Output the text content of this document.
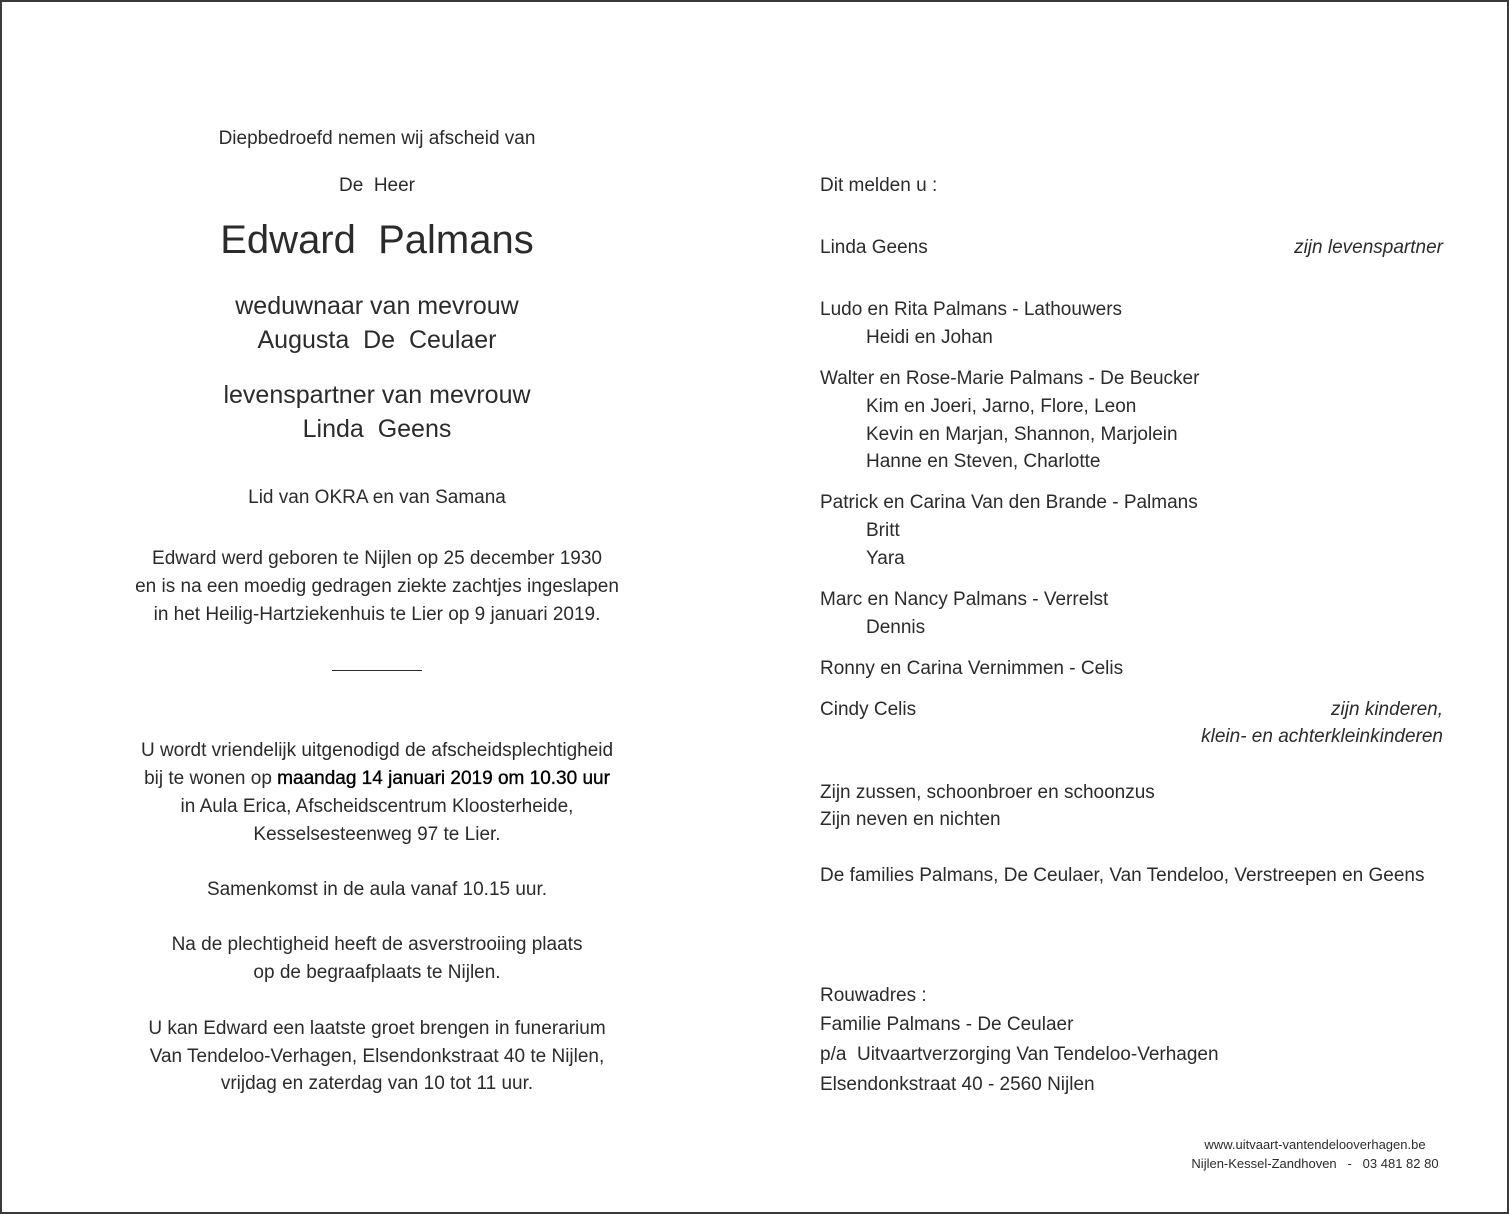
Diepbedroefd nemen wij afscheid van
De  Heer
Edward  Palmans
weduwnaar van mevrouw
Augusta  De  Ceulaer
levenspartner van mevrouw
Linda  Geens
Lid van OKRA en van Samana
Edward werd geboren te Nijlen op 25 december 1930
en is na een moedig gedragen ziekte zachtjes ingeslapen
in het Heilig-Hartziekenhuis te Lier op 9 januari 2019.
U wordt vriendelijk uitgenodigd de afscheidsplechtigheid
bij te wonen op maandag 14 januari 2019 om 10.30 uur
in Aula Erica, Afscheidscentrum Kloosterheide,
Kesselsesteenweg 97 te Lier.
Samenkomst in de aula vanaf 10.15 uur.
Na de plechtigheid heeft de asverstrooiing plaats
op de begraafplaats te Nijlen.
U kan Edward een laatste groet brengen in funerarium
Van Tendeloo-Verhagen, Elsendonkstraat 40 te Nijlen,
vrijdag en zaterdag van 10 tot 11 uur.
Dit melden u :
Linda Geens	zijn levenspartner
Ludo en Rita Palmans - Lathouwers
Heidi en Johan
Walter en Rose-Marie Palmans - De Beucker
Kim en Joeri, Jarno, Flore, Leon
Kevin en Marjan, Shannon, Marjolein
Hanne en Steven, Charlotte
Patrick en Carina Van den Brande - Palmans
Britt
Yara
Marc en Nancy Palmans - Verrelst
Dennis
Ronny en Carina Vernimmen - Celis
Cindy Celis	zijn kinderen,
klein- en achterkleinkinderen
Zijn zussen, schoonbroer en schoonzus
Zijn neven en nichten
De families Palmans, De Ceulaer, Van Tendeloo, Verstreepen en Geens
Rouwadres :
Familie Palmans - De Ceulaer
p/a  Uitvaartverzorging Van Tendeloo-Verhagen
Elsendonkstraat 40 - 2560 Nijlen
www.uitvaart-vantendelooverhagen.be
Nijlen-Kessel-Zandhoven   -   03 481 82 80
